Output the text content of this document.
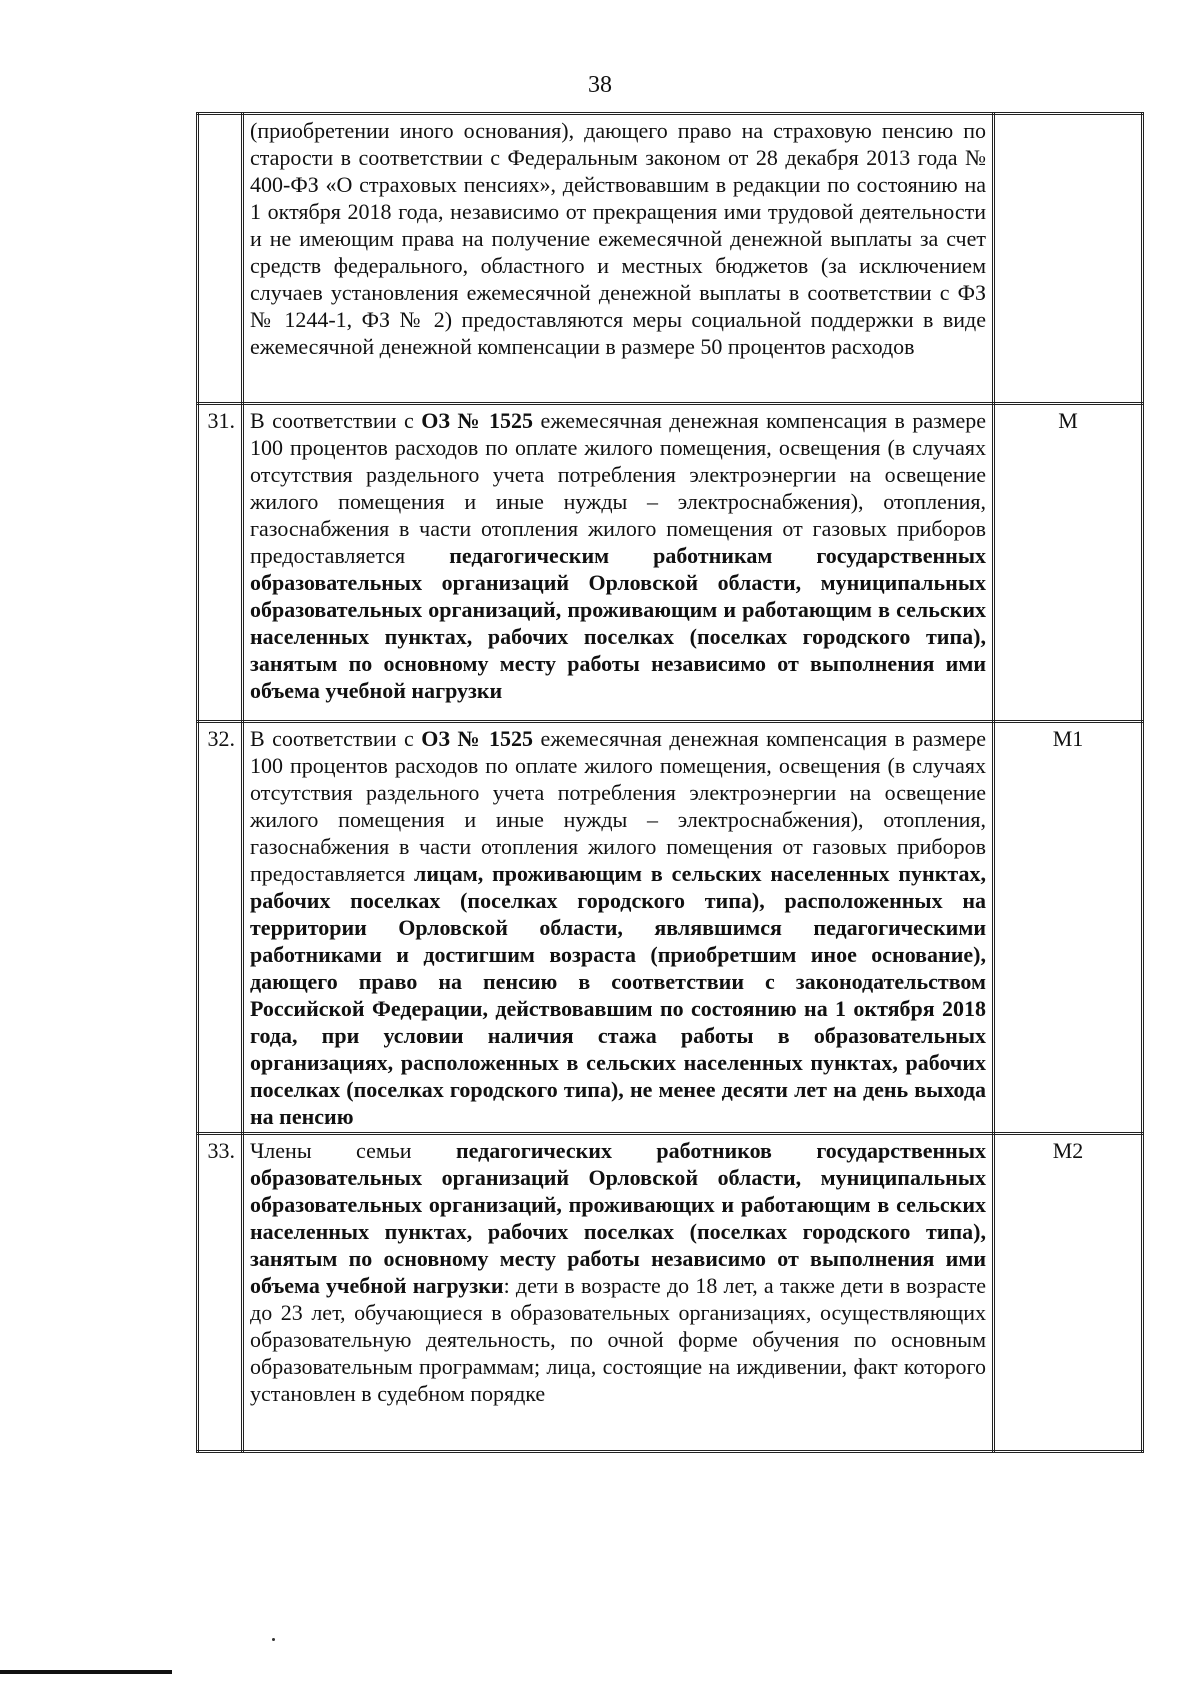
38
	(приобретении иного основания), дающего право на страховую пенсию по старости в соответствии с Федеральным законом от 28 декабря 2013 года № 400-ФЗ «О страховых пенсиях», действовавшим в редакции по состоянию на 1 октября 2018 года, независимо от прекращения ими трудовой деятельности и не имеющим права на получение ежемесячной денежной выплаты за счет средств федерального, областного и местных бюджетов (за исключением случаев установления ежемесячной денежной выплаты в соответствии с ФЗ № 1244-1, ФЗ № 2) предоставляются меры социальной поддержки в виде ежемесячной денежной компенсации в размере 50 процентов расходов	
31.	В соответствии с ОЗ № 1525 ежемесячная денежная компенсация в размере 100 процентов расходов по оплате жилого помещения, освещения (в случаях отсутствия раздельного учета потребления электроэнергии на освещение жилого помещения и иные нужды – электроснабжения), отопления, газоснабжения в части отопления жилого помещения от газовых приборов предоставляется педагогическим работникам государственных образовательных организаций Орловской области, муниципальных образовательных организаций, проживающим и работающим в сельских населенных пунктах, рабочих поселках (поселках городского типа), занятым по основному месту работы независимо от выполнения ими объема учебной нагрузки	М
32.	В соответствии с ОЗ № 1525 ежемесячная денежная компенсация в размере 100 процентов расходов по оплате жилого помещения, освещения (в случаях отсутствия раздельного учета потребления электроэнергии на освещение жилого помещения и иные нужды – электроснабжения), отопления, газоснабжения в части отопления жилого помещения от газовых приборов предоставляется лицам, проживающим в сельских населенных пунктах, рабочих поселках (поселках городского типа), расположенных на территории Орловской области, являвшимся педагогическими работниками и достигшим возраста (приобретшим иное основание), дающего право на пенсию в соответствии с законодательством Российской Федерации, действовавшим по состоянию на 1 октября 2018 года, при условии наличия стажа работы в образовательных организациях, расположенных в сельских населенных пунктах, рабочих поселках (поселках городского типа), не менее десяти лет на день выхода на пенсию	М1
33.	Члены семьи педагогических работников государственных образовательных организаций Орловской области, муниципальных образовательных организаций, проживающих и работающим в сельских населенных пунктах, рабочих поселках (поселках городского типа), занятым по основному месту работы независимо от выполнения ими объема учебной нагрузки: дети в возрасте до 18 лет, а также дети в возрасте до 23 лет, обучающиеся в образовательных организациях, осуществляющих образовательную деятельность, по очной форме обучения по основным образовательным программам; лица, состоящие на иждивении, факт которого установлен в судебном порядке	М2
